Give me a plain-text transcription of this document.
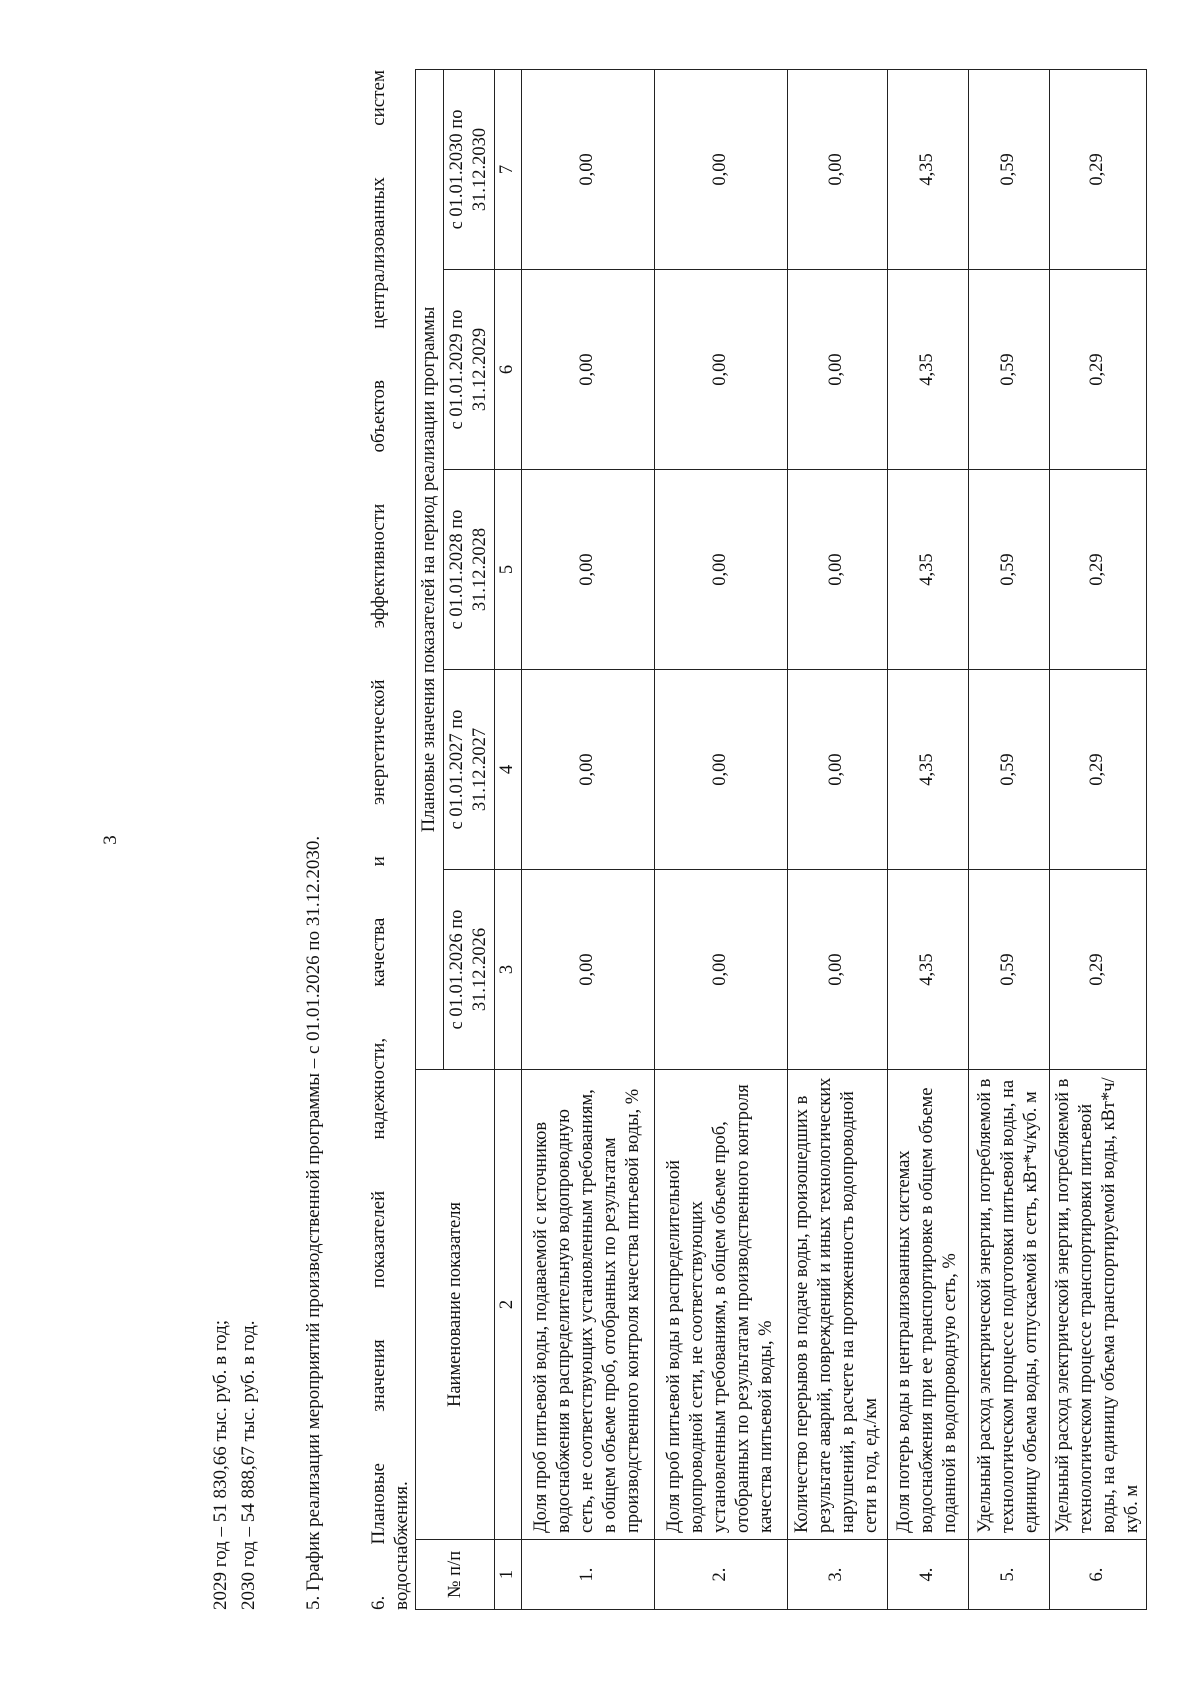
3
2029 год – 51 830,66 тыс. руб. в год; 2030 год – 54 888,67 тыс. руб. в год. 5. График реализации мероприятий производственной программы – с 01.01.2026 по 31.12.2030. 6. Плановые значения показателей надежности, качества и энергетической эффективности объектов централизованных систем водоснабжения. № п/п	Наименование показателя	Плановые значения показателей на период реализации программы				
		с 01.01.2026 по 31.12.2026	с 01.01.2027 по 31.12.2027	с 01.01.2028 по 31.12.2028	с 01.01.2029 по 31.12.2029	с 01.01.2030 по 31.12.2030
1	2	3	4	5	6	7
1.	Доля проб питьевой воды, подаваемой с источников водоснабжения в распределительную водопроводную сеть, не соответствующих установленным требованиям, в общем объеме проб, отобранных по результатам производственного контроля качества питьевой воды, %	0,00	0,00	0,00	0,00	0,00
2.	Доля проб питьевой воды в распределительной водопроводной сети, не соответствующих установленным требованиям, в общем объеме проб, отобранных по результатам производственного контроля качества питьевой воды, %	0,00	0,00	0,00	0,00	0,00
3.	Количество перерывов в подаче воды, произошедших в результате аварий, повреждений и иных технологических нарушений, в расчете на протяженность водопроводной сети в год, ед./км	0,00	0,00	0,00	0,00	0,00
4.	Доля потерь воды в централизованных системах водоснабжения при ее транспортировке в общем объеме поданной в водопроводную сеть, %	4,35	4,35	4,35	4,35	4,35
5.	Удельный расход электрической энергии, потребляемой в технологическом процессе подготовки питьевой воды, на единицу объема воды, отпускаемой в сеть, кВт*ч/куб. м	0,59	0,59	0,59	0,59	0,59
6.	Удельный расход электрической энергии, потребляемой в технологическом процессе транспортировки питьевой воды, на единицу объема транспортируемой воды, кВт*ч/куб. м	0,29	0,29	0,29	0,29	0,29
